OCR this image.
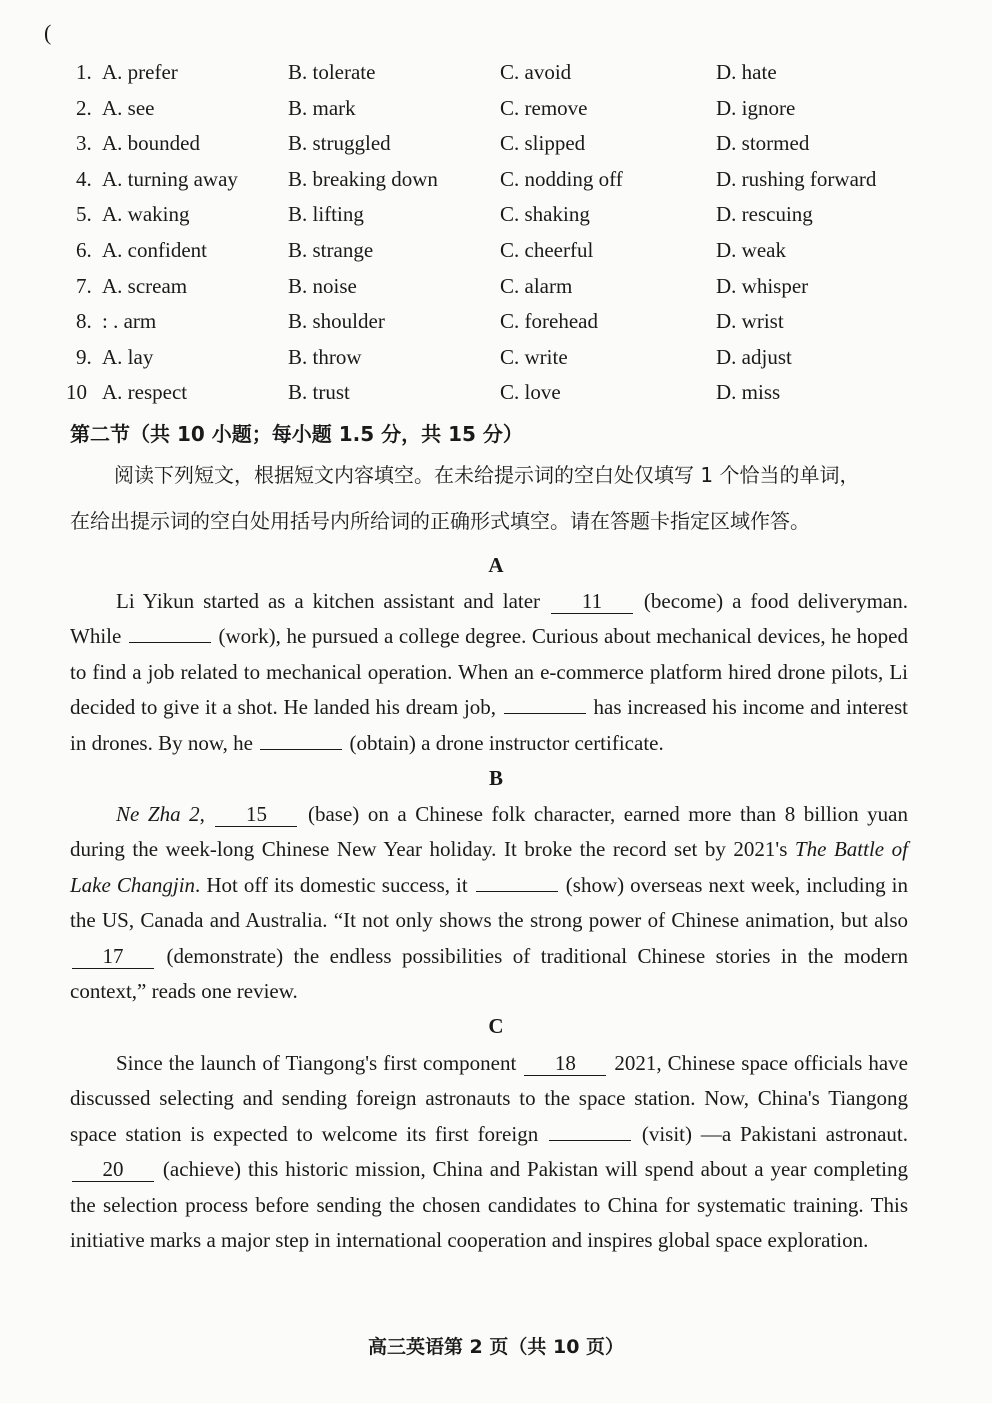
(
1. A. prefer	B. tolerate	C. avoid	D. hate
2. A. see	B. mark	C. remove	D. ignore
3. A. bounded	B. struggled	C. slipped	D. stormed
4. A. turning away B. breaking down	C. nodding off	D. rushing forward
5. A. waking	B. lifting	C. shaking	D. rescuing
6. A. confident	B. strange	C. cheerful	D. weak
7. A. scream	B. noise	C. alarm	D. whisper
8. : . arm	B. shoulder	C. forehead	D. wrist
9. A. lay	B. throw	C. write	D. adjust
10 A. respect	B. trust	C. love	D. miss
第二节（共 10 小题；每小题 1.5 分，共 15 分）

阅读下列短文，根据短文内容填空。在未给提示词的空白处仅填写 1 个恰当的单词，

在给出提示词的空白处用括号内所给词的正确形式填空。请在答题卡指定区域作答。

A

Li Yikun started as a kitchen assistant and later 11 (become) a food deliveryman. While	(work), he pursued a college degree. Curious about mechanical devices, he hoped to find a job related to mechanical operation. When an e-commerce platform hired drone pilots, Li decided to give it a shot. He landed his dream job,	has increased his income and interest in drones. By now, he	(obtain) a drone instructor certificate.

B

Ne Zha 2, 15 (base) on a Chinese folk character, earned more than 8 billion yuan during the week-long Chinese New Year holiday. It broke the record set by 2021's The Battle of Lake Changjin. Hot off its domestic success, it	(show) overseas next week, including in the US, Canada and Australia. “It not only shows the strong power of Chinese animation, but also 17 (demonstrate) the endless possibilities of traditional Chinese stories in the modern context,” reads one review.

C

Since the launch of Tiangong's first component 18 2021, Chinese space officials have discussed selecting and sending foreign astronauts to the space station. Now, China's Tiangong space station is expected to welcome its first foreign	(visit) —a Pakistani astronaut. 20 (achieve) this historic mission, China and Pakistan will spend about a year completing the selection process before sending the chosen candidates to China for systematic training. This initiative marks a major step in international cooperation and inspires global space exploration.

高三英语第 2 页（共 10 页）
